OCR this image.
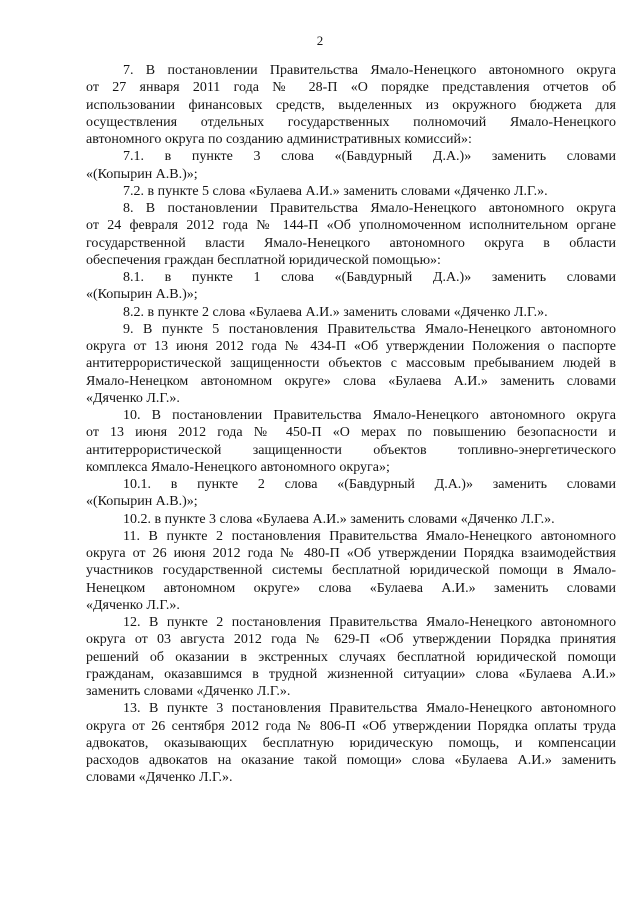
2
7. В постановлении Правительства Ямало-Ненецкого автономного округа
от 27 января 2011 года № 28-П «О порядке представления отчетов об
использовании финансовых средств, выделенных из окружного бюджета для
осуществления отдельных государственных полномочий Ямало-Ненецкого
автономного округа по созданию административных комиссий»:
7.1. в пункте 3 слова «(Бавдурный Д.А.)» заменить словами
«(Копырин А.В.)»;
7.2. в пункте 5 слова «Булаева А.И.» заменить словами «Дяченко Л.Г.».
8. В постановлении Правительства Ямало-Ненецкого автономного округа
от 24 февраля 2012 года № 144-П «Об уполномоченном исполнительном органе
государственной власти Ямало-Ненецкого автономного округа в области
обеспечения граждан бесплатной юридической помощью»:
8.1. в пункте 1 слова «(Бавдурный Д.А.)» заменить словами
«(Копырин А.В.)»;
8.2. в пункте 2 слова «Булаева А.И.» заменить словами «Дяченко Л.Г.».
9. В пункте 5 постановления Правительства Ямало-Ненецкого автономного
округа от 13 июня 2012 года № 434-П «Об утверждении Положения о паспорте
антитеррористической защищенности объектов с массовым пребыванием людей в
Ямало-Ненецком автономном округе» слова «Булаева А.И.» заменить словами
«Дяченко Л.Г.».
10. В постановлении Правительства Ямало-Ненецкого автономного округа
от 13 июня 2012 года № 450-П «О мерах по повышению безопасности и
антитеррористической защищенности объектов топливно-энергетического
комплекса Ямало-Ненецкого автономного округа»;
10.1. в пункте 2 слова «(Бавдурный Д.А.)» заменить словами
«(Копырин А.В.)»;
10.2. в пункте 3 слова «Булаева А.И.» заменить словами «Дяченко Л.Г.».
11. В пункте 2 постановления Правительства Ямало-Ненецкого автономного
округа от 26 июня 2012 года № 480-П «Об утверждении Порядка взаимодействия
участников государственной системы бесплатной юридической помощи в Ямало-
Ненецком автономном округе» слова «Булаева А.И.» заменить словами
«Дяченко Л.Г.».
12. В пункте 2 постановления Правительства Ямало-Ненецкого автономного
округа от 03 августа 2012 года № 629-П «Об утверждении Порядка принятия
решений об оказании в экстренных случаях бесплатной юридической помощи
гражданам, оказавшимся в трудной жизненной ситуации» слова «Булаева А.И.»
заменить словами «Дяченко Л.Г.».
13. В пункте 3 постановления Правительства Ямало-Ненецкого автономного
округа от 26 сентября 2012 года № 806-П «Об утверждении Порядка оплаты труда
адвокатов, оказывающих бесплатную юридическую помощь, и компенсации
расходов адвокатов на оказание такой помощи» слова «Булаева А.И.» заменить
словами «Дяченко Л.Г.».
